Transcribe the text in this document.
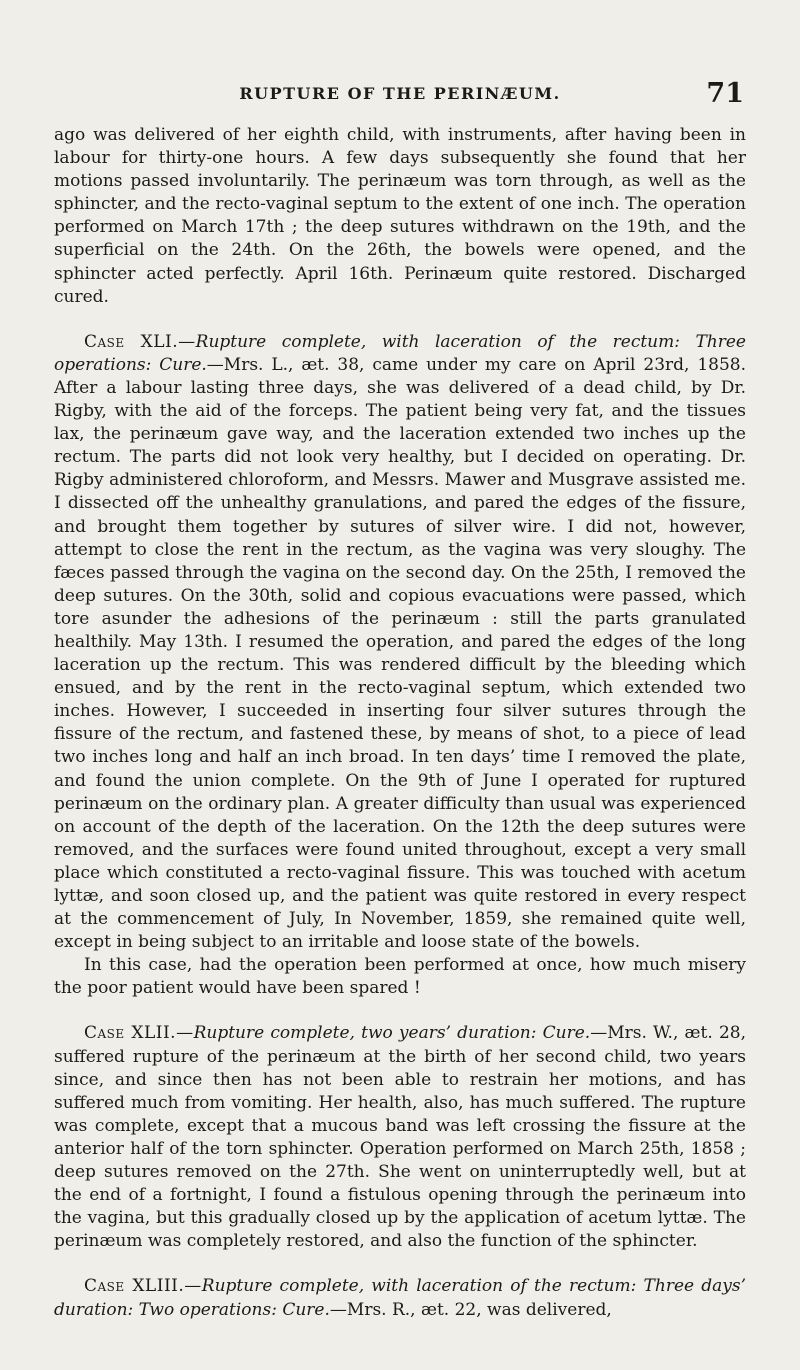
RUPTURE OF THE PERINÆUM.	71

ago was delivered of her eighth child, with instruments, after having been in labour for thirty-one hours. A few days subsequently she found that her motions passed involuntarily. The perinæum was torn through, as well as the sphincter, and the recto-vaginal septum to the extent of one inch. The operation performed on March 17th ; the deep sutures withdrawn on the 19th, and the superficial on the 24th. On the 26th, the bowels were opened, and the sphincter acted perfectly. April 16th. Perinæum quite restored. Discharged cured.

Case XLI.—Rupture complete, with laceration of the rectum: Three operations: Cure.—Mrs. L., æt. 38, came under my care on April 23rd, 1858. After a labour lasting three days, she was delivered of a dead child, by Dr. Rigby, with the aid of the forceps. The patient being very fat, and the tissues lax, the perinæum gave way, and the laceration extended two inches up the rectum. The parts did not look very healthy, but I decided on operating. Dr. Rigby administered chloroform, and Messrs. Mawer and Musgrave assisted me. I dissected off the unhealthy granulations, and pared the edges of the fissure, and brought them together by sutures of silver wire. I did not, however, attempt to close the rent in the rectum, as the vagina was very sloughy. The fæces passed through the vagina on the second day. On the 25th, I removed the deep sutures. On the 30th, solid and copious evacuations were passed, which tore asunder the adhesions of the perinæum : still the parts granulated healthily. May 13th. I resumed the operation, and pared the edges of the long laceration up the rectum. This was rendered difficult by the bleeding which ensued, and by the rent in the recto-vaginal septum, which extended two inches. However, I succeeded in inserting four silver sutures through the fissure of the rectum, and fastened these, by means of shot, to a piece of lead two inches long and half an inch broad. In ten days’ time I removed the plate, and found the union complete. On the 9th of June I operated for ruptured perinæum on the ordinary plan. A greater difficulty than usual was experienced on account of the depth of the laceration. On the 12th the deep sutures were removed, and the surfaces were found united throughout, except a very small place which constituted a recto-vaginal fissure. This was touched with acetum lyttæ, and soon closed up, and the patient was quite restored in every respect at the commencement of July, In November, 1859, she remained quite well, except in being subject to an irritable and loose state of the bowels.

In this case, had the operation been performed at once, how much misery the poor patient would have been spared !

Case XLII.—Rupture complete, two years’ duration: Cure.—Mrs. W., æt. 28, suffered rupture of the perinæum at the birth of her second child, two years since, and since then has not been able to restrain her motions, and has suffered much from vomiting. Her health, also, has much suffered. The rupture was complete, except that a mucous band was left crossing the fissure at the anterior half of the torn sphincter. Operation performed on March 25th, 1858 ; deep sutures removed on the 27th. She went on uninterruptedly well, but at the end of a fortnight, I found a fistulous opening through the perinæum into the vagina, but this gradually closed up by the application of acetum lyttæ. The perinæum was completely restored, and also the function of the sphincter.

Case XLIII.—Rupture complete, with laceration of the rectum: Three days’ duration: Two operations: Cure.—Mrs. R., æt. 22, was delivered,
